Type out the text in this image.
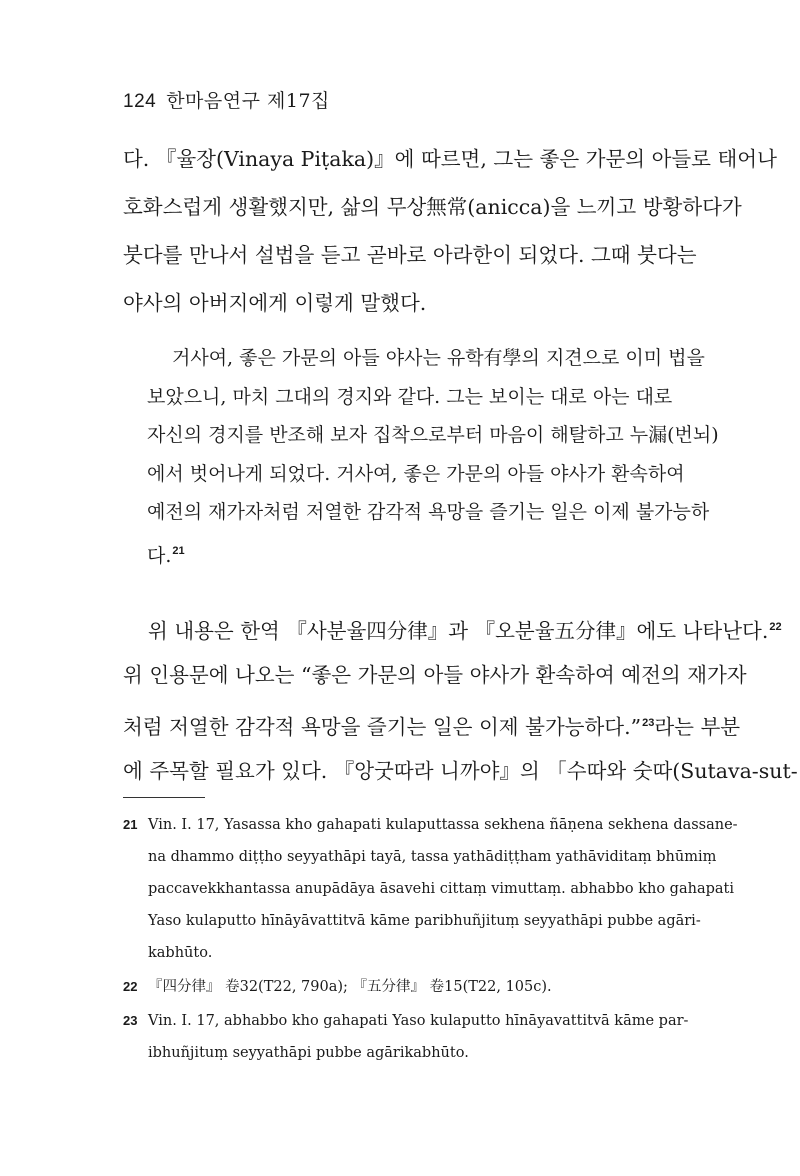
124 한마음연구 제17집
다. 『율장(Vinaya Piṭaka)』에 따르면, 그는 좋은 가문의 아들로 태어나
호화스럽게 생활했지만, 삶의 무상無常(anicca)을 느끼고 방황하다가
붓다를 만나서 설법을 듣고 곧바로 아라한이 되었다. 그때 붓다는
야사의 아버지에게 이렇게 말했다.
거사여, 좋은 가문의 아들 야사는 유학有學의 지견으로 이미 법을
보았으니, 마치 그대의 경지와 같다. 그는 보이는 대로 아는 대로
자신의 경지를 반조해 보자 집착으로부터 마음이 해탈하고 누漏(번뇌)
에서 벗어나게 되었다. 거사여, 좋은 가문의 아들 야사가 환속하여
예전의 재가자처럼 저열한 감각적 욕망을 즐기는 일은 이제 불가능하
다.$^{21}$
위 내용은 한역 『사분율四分律』과 『오분율五分律』에도 나타난다.$^{22}$
위 인용문에 나오는 “좋은 가문의 아들 야사가 환속하여 예전의 재가자
처럼 저열한 감각적 욕망을 즐기는 일은 이제 불가능하다.”$^{23}$라는 부분
에 주목할 필요가 있다. 『앙굿따라 니까야』의 「수따와 숫따(Sutava-sut-
21 Vin. Ⅰ. 17, Yasassa kho gahapati kulaputtassa sekhena ñāṇena sekhena dassane-
na dhammo diṭṭho seyyathāpi tayā, tassa yathādiṭṭham yathāviditaṃ bhūmiṃ
paccavekkhantassa anupādāya āsavehi cittaṃ vimuttaṃ. abhabbo kho gahapati
Yaso kulaputto hīnāyāvattitvā kāme paribhuñjituṃ seyyathāpi pubbe agāri-
kabhūto.
22 『四分律』 卷32(T22, 790a); 『五分律』 卷15(T22, 105c).
23 Vin. Ⅰ. 17, abhabbo kho gahapati Yaso kulaputto hīnāyavattitvā kāme par-
ibhuñjituṃ seyyathāpi pubbe agārikabhūto.
